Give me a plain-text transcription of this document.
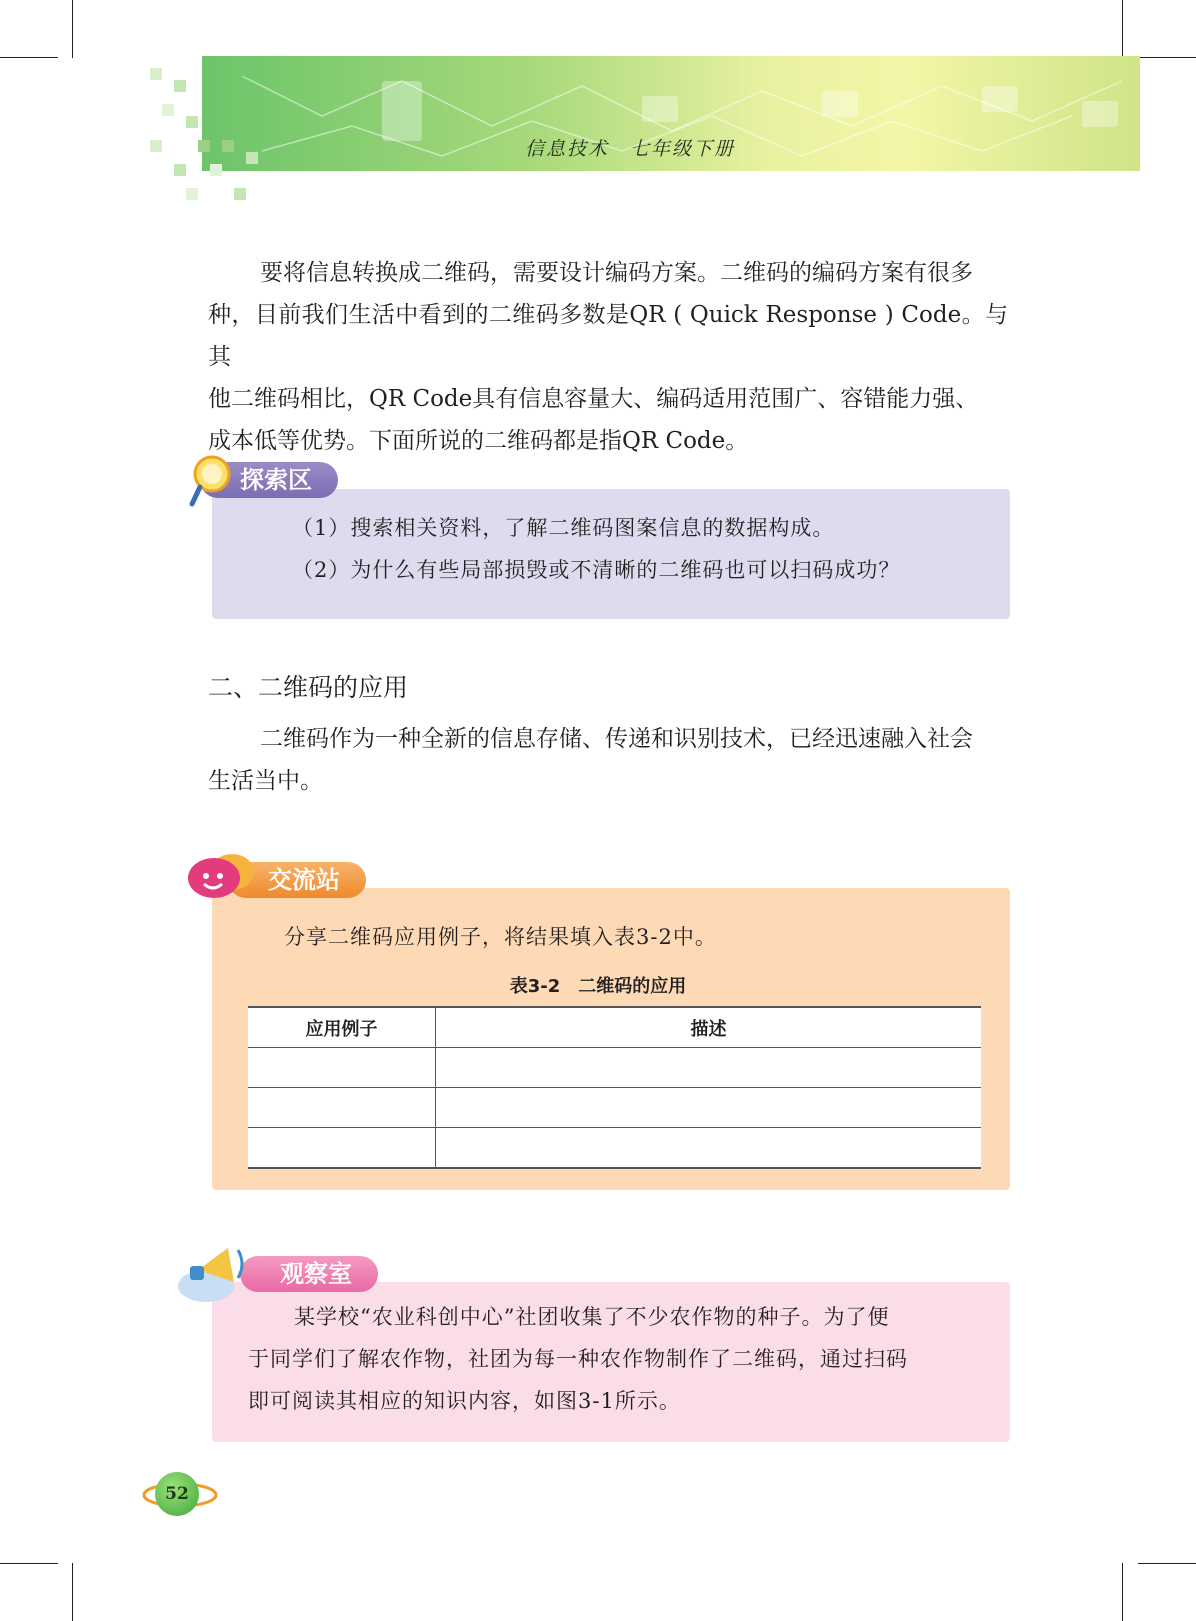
信息技术　七年级下册
要将信息转换成二维码，需要设计编码方案。二维码的编码方案有很多
种，目前我们生活中看到的二维码多数是QR ( Quick Response ) Code。与其
他二维码相比，QR Code具有信息容量大、编码适用范围广、容错能力强、
成本低等优势。下面所说的二维码都是指QR Code。
（1）搜索相关资料，了解二维码图案信息的数据构成。
（2）为什么有些局部损毁或不清晰的二维码也可以扫码成功？
探索区
二、二维码的应用
二维码作为一种全新的信息存储、传递和识别技术，已经迅速融入社会
生活当中。
分享二维码应用例子，将结果填入表3-2中。
交流站
表3-2　二维码的应用
应用例子	描述

某学校“农业科创中心”社团收集了不少农作物的种子。为了便
于同学们了解农作物，社团为每一种农作物制作了二维码，通过扫码
即可阅读其相应的知识内容，如图3-1所示。
观察室
52
